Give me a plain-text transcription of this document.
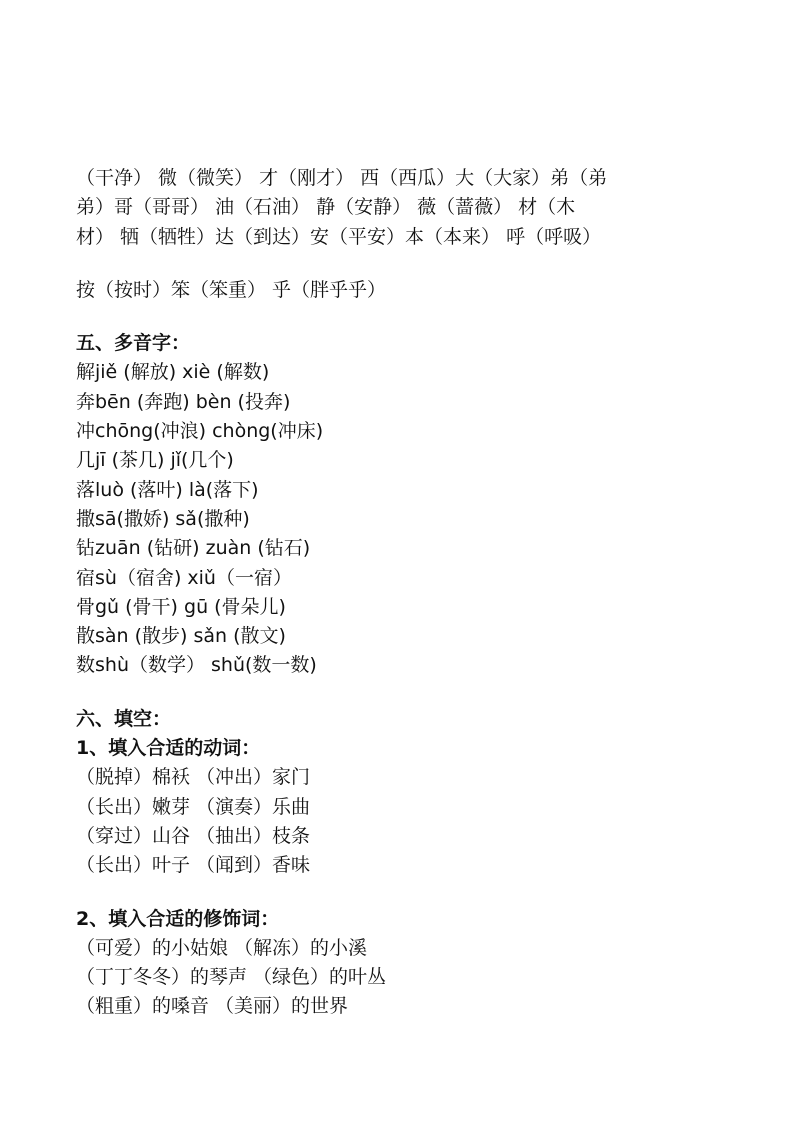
（干净） 微（微笑） 才（刚才） 西（西瓜）大（大家）弟（弟
弟）哥（哥哥） 油（石油） 静（安静） 薇（蔷薇） 材（木
材） 牺（牺牲）达（到达）安（平安）本（本来） 呼（呼吸）
按（按时）笨（笨重） 乎（胖乎乎）
五、多音字：
解jiě (解放) xiè (解数)
奔bēn (奔跑) bèn (投奔)
冲chōng(冲浪) chòng(冲床)
几jī (茶几) jǐ(几个)
落luò (落叶) là(落下)
撒sā(撒娇) sǎ(撒种)
钻zuān (钻研) zuàn (钻石)
宿sù（宿舍) xiǔ（一宿）
骨gǔ (骨干) gū (骨朵儿)
散sàn (散步) sǎn (散文)
数shù（数学） shǔ(数一数)
六、填空：
1、填入合适的动词：
（脱掉）棉袄 （冲出）家门
（长出）嫩芽 （演奏）乐曲
（穿过）山谷 （抽出）枝条
（长出）叶子 （闻到）香味
2、填入合适的修饰词：
（可爱）的小姑娘 （解冻）的小溪
（丁丁冬冬）的琴声 （绿色）的叶丛
（粗重）的嗓音 （美丽）的世界
